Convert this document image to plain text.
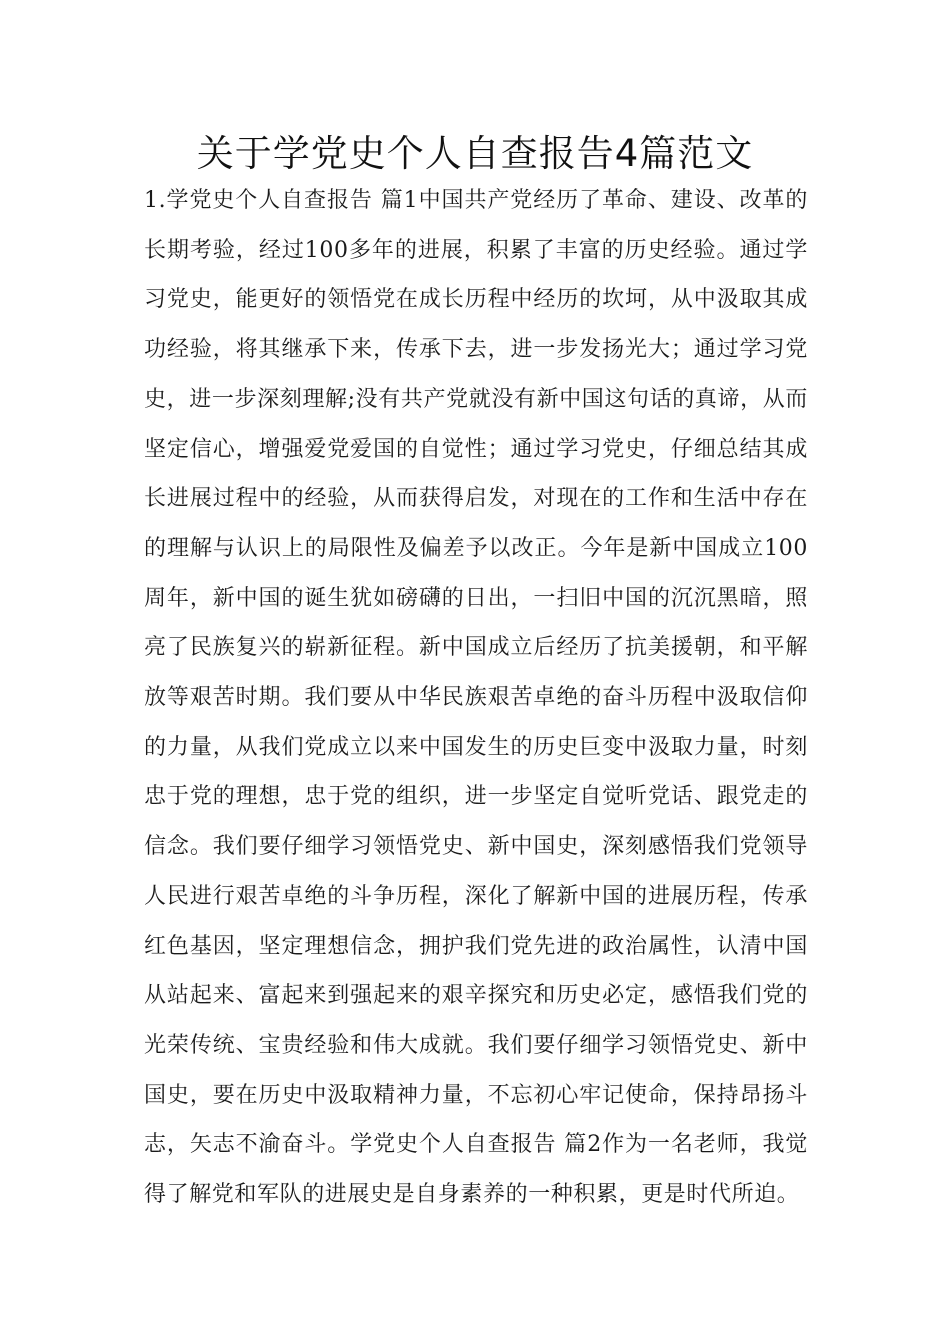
关于学党史个人自查报告4篇范文

1.学党史个人自查报告 篇1中国共产党经历了革命、建设、改革的长期考验，经过100多年的进展，积累了丰富的历史经验。通过学习党史，能更好的领悟党在成长历程中经历的坎坷，从中汲取其成功经验，将其继承下来，传承下去，进一步发扬光大；通过学习党史，进一步深刻理解;没有共产党就没有新中国这句话的真谛，从而坚定信心，增强爱党爱国的自觉性；通过学习党史，仔细总结其成长进展过程中的经验，从而获得启发，对现在的工作和生活中存在的理解与认识上的局限性及偏差予以改正。今年是新中国成立100周年，新中国的诞生犹如磅礴的日出，一扫旧中国的沉沉黑暗，照亮了民族复兴的崭新征程。新中国成立后经历了抗美援朝，和平解放等艰苦时期。我们要从中华民族艰苦卓绝的奋斗历程中汲取信仰的力量，从我们党成立以来中国发生的历史巨变中汲取力量，时刻忠于党的理想，忠于党的组织，进一步坚定自觉听党话、跟党走的信念。我们要仔细学习领悟党史、新中国史，深刻感悟我们党领导人民进行艰苦卓绝的斗争历程，深化了解新中国的进展历程，传承红色基因，坚定理想信念，拥护我们党先进的政治属性，认清中国从站起来、富起来到强起来的艰辛探究和历史必定，感悟我们党的光荣传统、宝贵经验和伟大成就。我们要仔细学习领悟党史、新中国史，要在历史中汲取精神力量，不忘初心牢记使命，保持昂扬斗志，矢志不渝奋斗。学党史个人自查报告 篇2作为一名老师，我觉得了解党和军队的进展史是自身素养的一种积累，更是时代所迫。
